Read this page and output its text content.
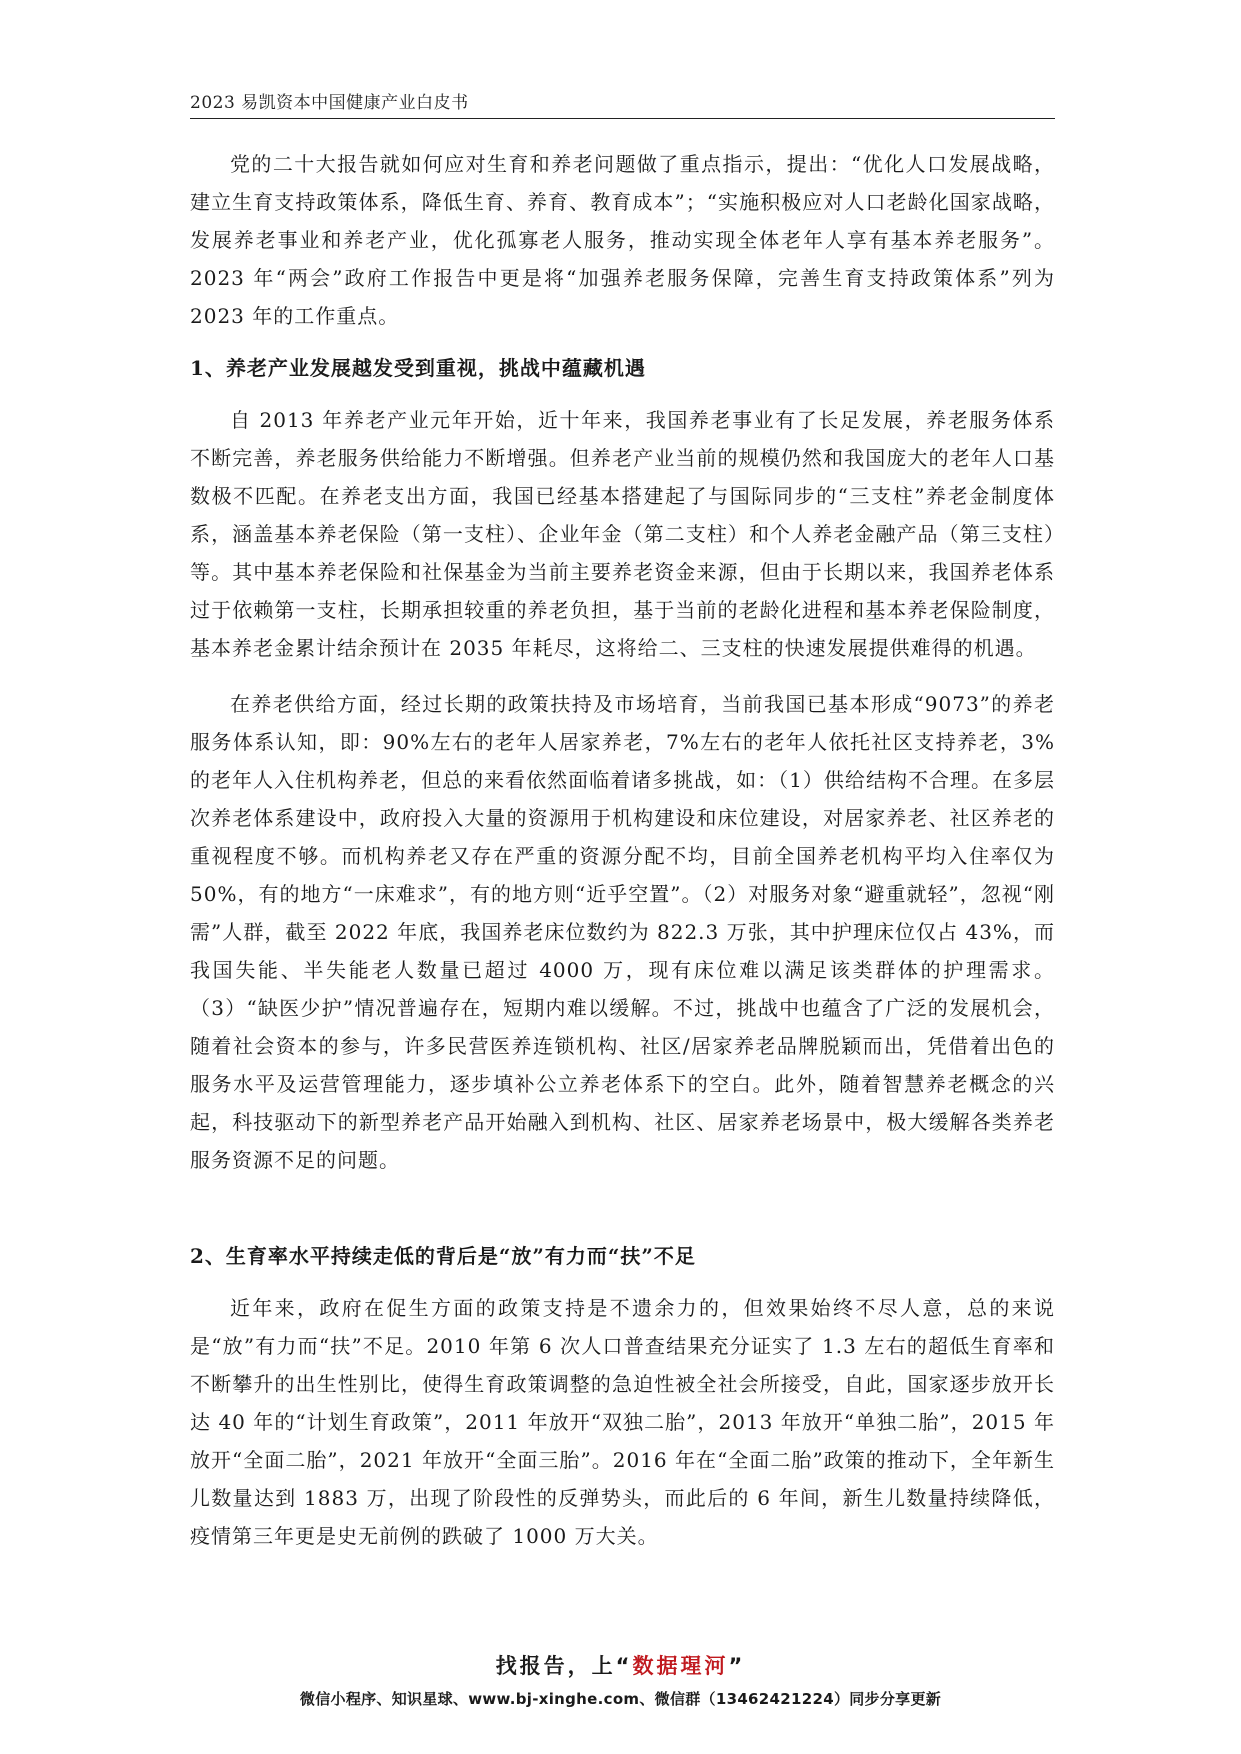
2023 易凯资本中国健康产业白皮书

党的二十大报告就如何应对生育和养老问题做了重点指示，提出：“优化人口发展战略，建立生育支持政策体系，降低生育、养育、教育成本”；“实施积极应对人口老龄化国家战略，发展养老事业和养老产业，优化孤寡老人服务，推动实现全体老年人享有基本养老服务”。2023 年“两会”政府工作报告中更是将“加强养老服务保障，完善生育支持政策体系”列为 2023 年的工作重点。

1、养老产业发展越发受到重视，挑战中蕴藏机遇

自 2013 年养老产业元年开始，近十年来，我国养老事业有了长足发展，养老服务体系不断完善，养老服务供给能力不断增强。但养老产业当前的规模仍然和我国庞大的老年人口基数极不匹配。在养老支出方面，我国已经基本搭建起了与国际同步的“三支柱”养老金制度体系，涵盖基本养老保险（第一支柱）、企业年金（第二支柱）和个人养老金融产品（第三支柱）等。其中基本养老保险和社保基金为当前主要养老资金来源，但由于长期以来，我国养老体系过于依赖第一支柱，长期承担较重的养老负担，基于当前的老龄化进程和基本养老保险制度，基本养老金累计结余预计在 2035 年耗尽，这将给二、三支柱的快速发展提供难得的机遇。

在养老供给方面，经过长期的政策扶持及市场培育，当前我国已基本形成“9073”的养老服务体系认知，即：90%左右的老年人居家养老，7%左右的老年人依托社区支持养老，3%的老年人入住机构养老，但总的来看依然面临着诸多挑战，如：（1）供给结构不合理。在多层次养老体系建设中，政府投入大量的资源用于机构建设和床位建设，对居家养老、社区养老的重视程度不够。而机构养老又存在严重的资源分配不均，目前全国养老机构平均入住率仅为 50%，有的地方“一床难求”，有的地方则“近乎空置”。（2）对服务对象“避重就轻”，忽视“刚需”人群，截至 2022 年底，我国养老床位数约为 822.3 万张，其中护理床位仅占 43%，而我国失能、半失能老人数量已超过 4000 万，现有床位难以满足该类群体的护理需求。（3）“缺医少护”情况普遍存在，短期内难以缓解。不过，挑战中也蕴含了广泛的发展机会，随着社会资本的参与，许多民营医养连锁机构、社区/居家养老品牌脱颖而出，凭借着出色的服务水平及运营管理能力，逐步填补公立养老体系下的空白。此外，随着智慧养老概念的兴起，科技驱动下的新型养老产品开始融入到机构、社区、居家养老场景中，极大缓解各类养老服务资源不足的问题。

2、生育率水平持续走低的背后是“放”有力而“扶”不足

近年来，政府在促生方面的政策支持是不遗余力的，但效果始终不尽人意，总的来说是“放”有力而“扶”不足。2010 年第 6 次人口普查结果充分证实了 1.3 左右的超低生育率和不断攀升的出生性别比，使得生育政策调整的急迫性被全社会所接受，自此，国家逐步放开长达 40 年的“计划生育政策”，2011 年放开“双独二胎”，2013 年放开“单独二胎”，2015 年放开“全面二胎”，2021 年放开“全面三胎”。2016 年在“全面二胎”政策的推动下，全年新生儿数量达到 1883 万，出现了阶段性的反弹势头，而此后的 6 年间，新生儿数量持续降低，疫情第三年更是史无前例的跌破了 1000 万大关。

找报告，上“数据瑆河”
微信小程序、知识星球、www.bj-xinghe.com、微信群（13462421224）同步分享更新
